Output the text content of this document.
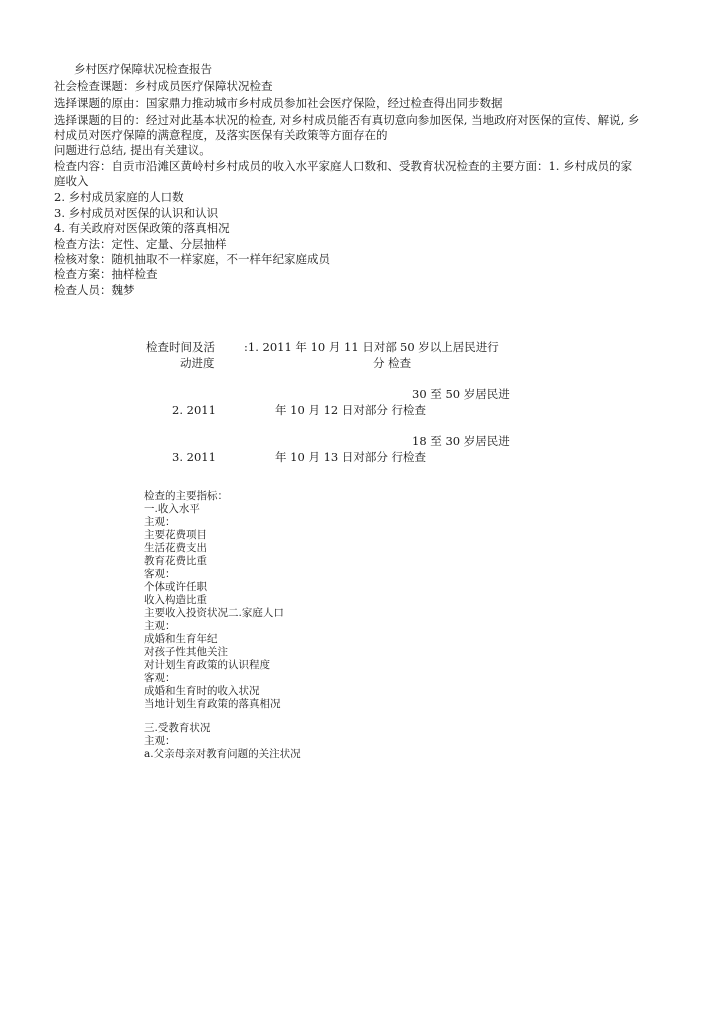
乡村医疗保障状况检查报告
社会检查课题：乡村成员医疗保障状况检查
选择课题的原由：国家鼎力推动城市乡村成员参加社会医疗保险，经过检查得出同步数据
选择课题的目的：经过对此基本状况的检查, 对乡村成员能否有真切意向参加医保, 当地政府对医保的宣传、解说, 乡
村成员对医疗保障的满意程度，及落实医保有关政策等方面存在的
问题进行总结, 提出有关建议。
检查内容：自贡市沿滩区黄岭村乡村成员的收入水平家庭人口数和、受教育状况检查的主要方面：1. 乡村成员的家
庭收入
2. 乡村成员家庭的人口数
3. 乡村成员对医保的认识和认识
4. 有关政府对医保政策的落真相况
检查方法：定性、定量、分层抽样
检核对象：随机抽取不一样家庭，不一样年纪家庭成员
检查方案：抽样检查
检查人员：魏梦
检查时间及活
动进度
:1. 2011 年 10 月 11 日对部 50 岁以上居民进行
分 检查
30 至 50 岁居民进
2. 2011	年 10 月 12 日对部分 行检查
18 至 30 岁居民进
3. 2011	年 10 月 13 日对部分 行检查
检查的主要指标：
一.收入水平
主观：
主要花费项目
生活花费支出
教育花费比重
客观：
个体或许任职
收入构造比重
主要收入投资状况二.家庭人口
主观：
成婚和生育年纪
对孩子性其他关注
对计划生育政策的认识程度
客观：
成婚和生育时的收入状况
当地计划生育政策的落真相况
三.受教育状况
主观：
a.父亲母亲对教育问题的关注状况
